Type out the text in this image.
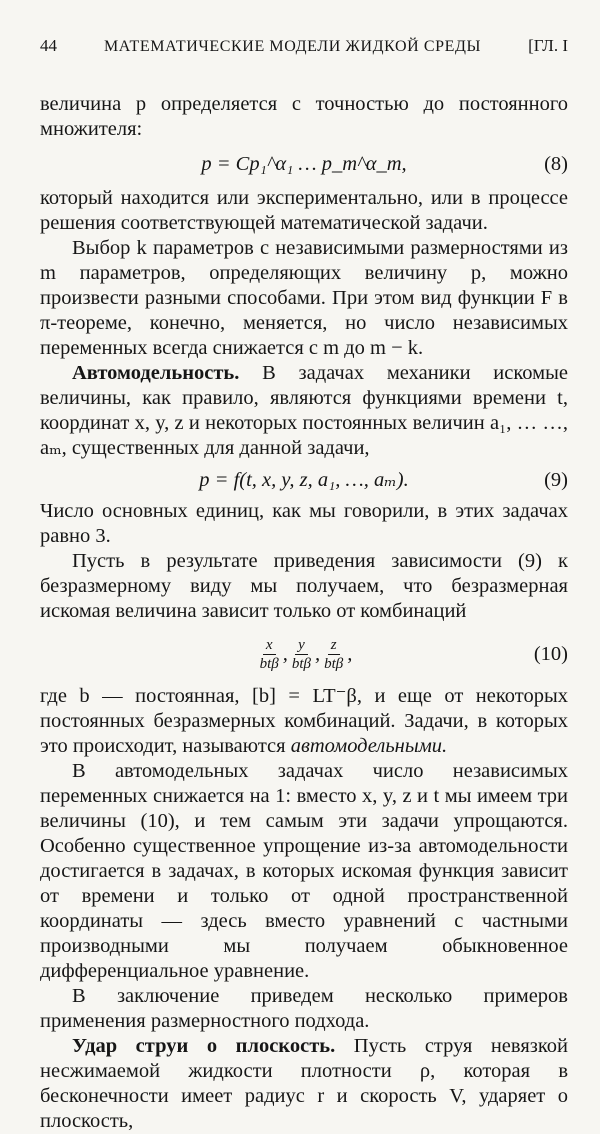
44	МАТЕМАТИЧЕСКИЕ МОДЕЛИ ЖИДКОЙ СРЕДЫ	[ГЛ. I

величина p определяется с точностью до постоянного множителя:

p = Cp₁^α₁ … p_m^α_m,	(8)

который находится или экспериментально, или в процессе решения соответствующей математической задачи.

Выбор k параметров с независимыми размерностями из m параметров, определяющих величину p, можно произвести разными способами. При этом вид функции F в π-теореме, конечно, меняется, но число независимых переменных всегда снижается с m до m − k.

Автомодельность. В задачах механики искомые величины, как правило, являются функциями времени t, координат x, y, z и некоторых постоянных величин a₁, … …, aₘ, существенных для данной задачи,

p = f(t, x, y, z, a₁, …, aₘ).	(9)

Число основных единиц, как мы говорили, в этих задачах равно 3.

Пусть в результате приведения зависимости (9) к безразмерному виду мы получаем, что безразмерная искомая величина зависит только от комбинаций

$\frac{x}{\text{btβ}}$ , $\frac{y}{\text{btβ}}$ , $\frac{z}{\text{btβ}}$ ,	(10)

где b — постоянная, [b] = LT⁻β, и еще от некоторых постоянных безразмерных комбинаций. Задачи, в которых это происходит, называются автомодельными.

В автомодельных задачах число независимых переменных снижается на 1: вместо x, y, z и t мы имеем три величины (10), и тем самым эти задачи упрощаются. Особенно существенное упрощение из-за автомодельности достигается в задачах, в которых искомая функция зависит от времени и только от одной пространственной координаты — здесь вместо уравнений с частными производными мы получаем обыкновенное дифференциальное уравнение.

В заключение приведем несколько примеров применения размерностного подхода.

Удар струи о плоскость. Пусть струя невязкой несжимаемой жидкости плотности ρ, которая в бесконечности имеет радиус r и скорость V, ударяет о плоскость,
